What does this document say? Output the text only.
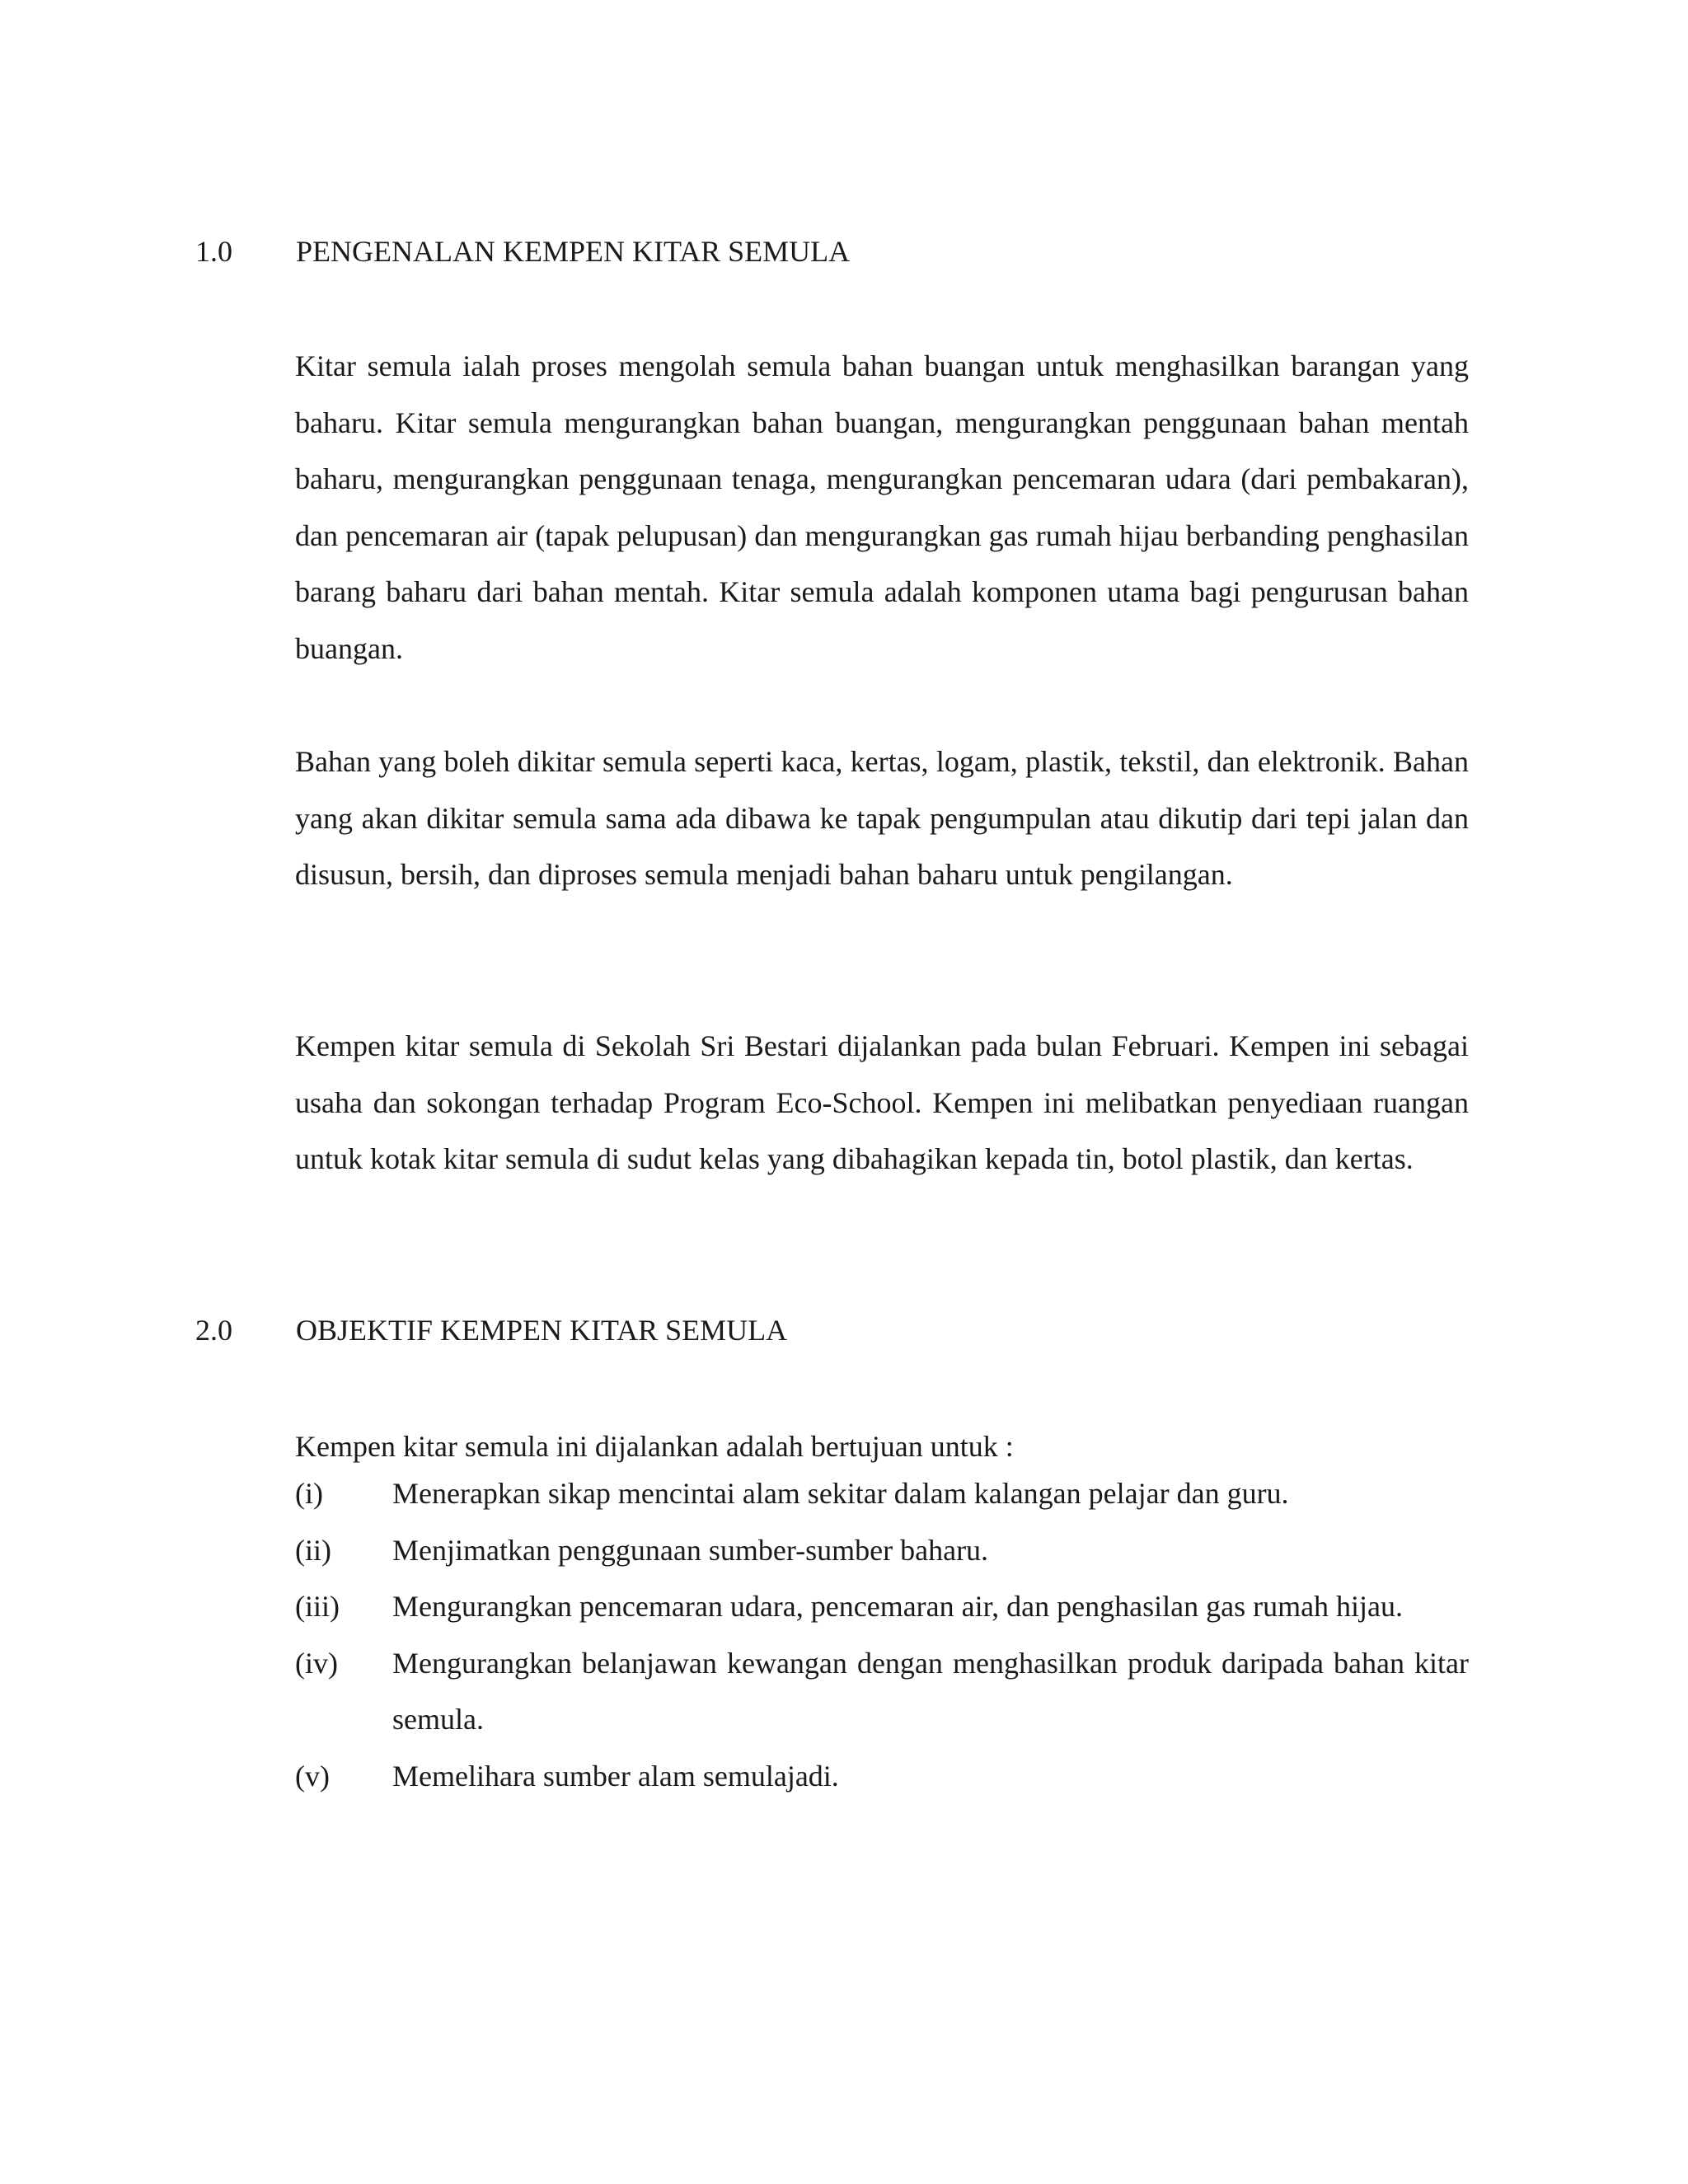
1.0 PENGENALAN KEMPEN KITAR SEMULA

Kitar semula ialah proses mengolah semula bahan buangan untuk menghasilkan barangan yang baharu. Kitar semula mengurangkan bahan buangan, mengurangkan penggunaan bahan mentah baharu, mengurangkan penggunaan tenaga, mengurangkan pencemaran udara (dari pembakaran), dan pencemaran air (tapak pelupusan) dan mengurangkan gas rumah hijau berbanding penghasilan barang baharu dari bahan mentah. Kitar semula adalah komponen utama bagi pengurusan bahan buangan.

Bahan yang boleh dikitar semula seperti kaca, kertas, logam, plastik, tekstil, dan elektronik. Bahan yang akan dikitar semula sama ada dibawa ke tapak pengumpulan atau dikutip dari tepi jalan dan disusun, bersih, dan diproses semula menjadi bahan baharu untuk pengilangan.

Kempen kitar semula di Sekolah Sri Bestari dijalankan pada bulan Februari. Kempen ini sebagai usaha dan sokongan terhadap Program Eco-School. Kempen ini melibatkan penyediaan ruangan untuk kotak kitar semula di sudut kelas yang dibahagikan kepada tin, botol plastik, dan kertas.

2.0 OBJEKTIF KEMPEN KITAR SEMULA
Kempen kitar semula ini dijalankan adalah bertujuan untuk :
(i)	Menerapkan sikap mencintai alam sekitar dalam kalangan pelajar dan guru.
(ii)	Menjimatkan penggunaan sumber-sumber baharu.
(iii)	Mengurangkan pencemaran udara, pencemaran air, dan penghasilan gas rumah hijau.
(iv)	Mengurangkan belanjawan kewangan dengan menghasilkan produk daripada bahan kitar semula.
(v)	Memelihara sumber alam semulajadi.
